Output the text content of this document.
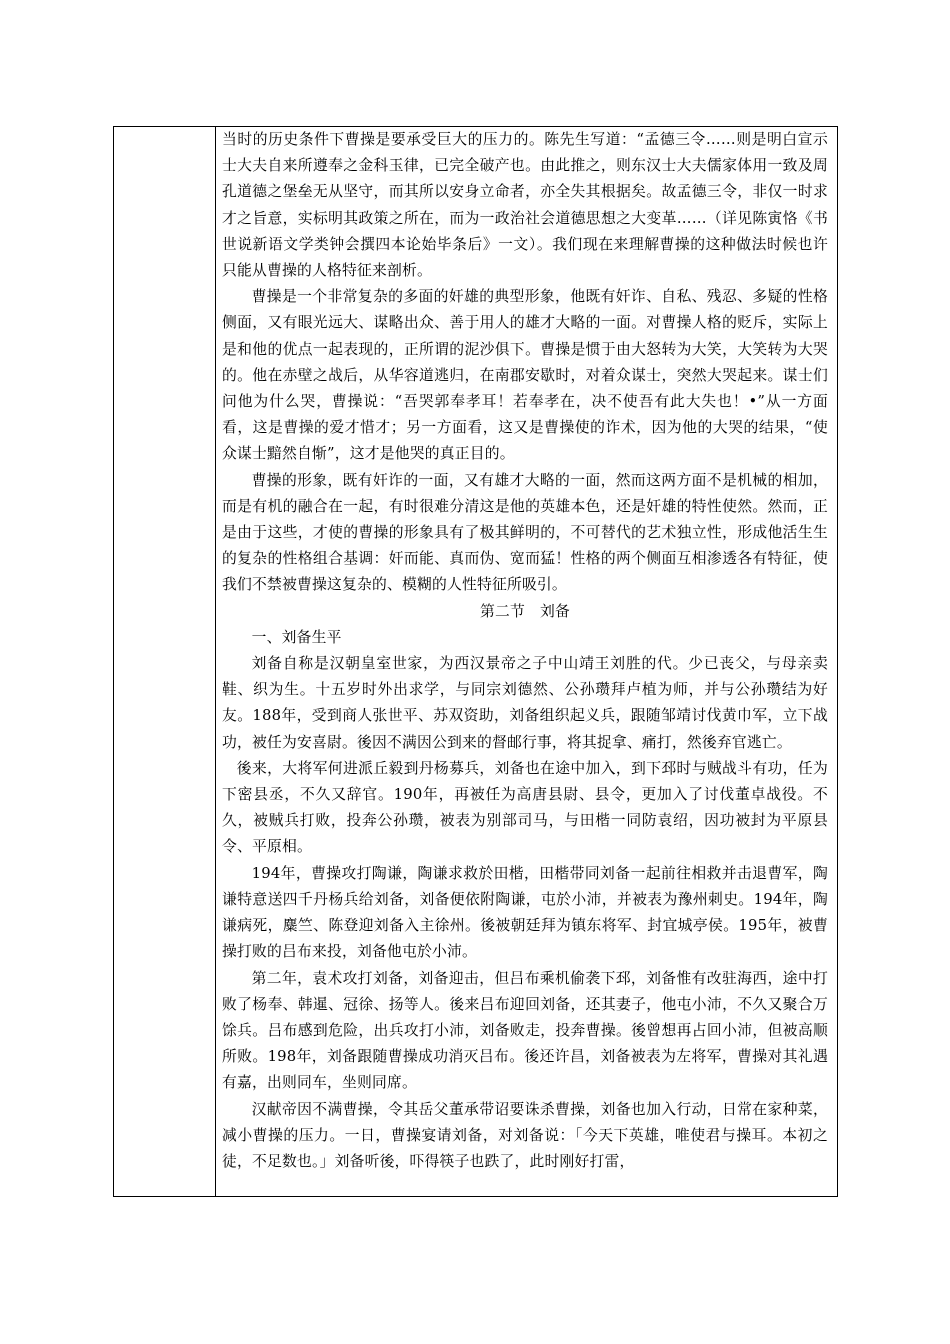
当时的历史条件下曹操是要承受巨大的压力的。陈先生写道：“孟德三令……则是明白宣示士大夫自来所遵奉之金科玉律，已完全破产也。由此推之，则东汉士大夫儒家体用一致及周孔道德之堡垒无从坚守，而其所以安身立命者，亦全失其根据矣。故孟德三令，非仅一时求才之旨意，实标明其政策之所在，而为一政治社会道德思想之大变革……（详见陈寅恪《书世说新语文学类钟会撰四本论始毕条后》一文）。我们现在来理解曹操的这种做法时候也许只能从曹操的人格特征来剖析。

曹操是一个非常复杂的多面的奸雄的典型形象，他既有奸诈、自私、残忍、多疑的性格侧面，又有眼光远大、谋略出众、善于用人的雄才大略的一面。对曹操人格的贬斥，实际上是和他的优点一起表现的，正所谓的泥沙俱下。曹操是惯于由大怒转为大笑，大笑转为大哭的。他在赤壁之战后，从华容道逃归，在南郡安歇时，对着众谋士，突然大哭起来。谋士们问他为什么哭，曹操说：“吾哭郭奉孝耳！若奉孝在，决不使吾有此大失也！•”从一方面看，这是曹操的爱才惜才；另一方面看，这又是曹操使的诈术，因为他的大哭的结果，“使众谋士黯然自惭”，这才是他哭的真正目的。

曹操的形象，既有奸诈的一面，又有雄才大略的一面，然而这两方面不是机械的相加，而是有机的融合在一起，有时很难分清这是他的英雄本色，还是奸雄的特性使然。然而，正是由于这些，才使的曹操的形象具有了极其鲜明的，不可替代的艺术独立性，形成他活生生的复杂的性格组合基调：奸而能、真而伪、宽而猛！性格的两个侧面互相渗透各有特征，使我们不禁被曹操这复杂的、模糊的人性特征所吸引。

第二节　刘备

一、刘备生平

刘备自称是汉朝皇室世家，为西汉景帝之子中山靖王刘胜的代。少已丧父，与母亲卖鞋、织为生。十五岁时外出求学，与同宗刘德然、公孙瓒拜卢植为师，并与公孙瓒结为好友。188年，受到商人张世平、苏双资助，刘备组织起义兵，跟随邹靖讨伐黄巾军，立下战功，被任为安喜尉。後因不满因公到来的督邮行事，将其捉拿、痛打，然後弃官逃亡。

後来，大将军何进派丘毅到丹杨募兵，刘备也在途中加入，到下邳时与贼战斗有功，任为下密县丞，不久又辞官。190年，再被任为高唐县尉、县令，更加入了讨伐董卓战役。不久，被贼兵打败，投奔公孙瓒，被表为别部司马，与田楷一同防袁绍，因功被封为平原县令、平原相。

194年，曹操攻打陶谦，陶谦求救於田楷，田楷带同刘备一起前往相救并击退曹军，陶谦特意送四千丹杨兵给刘备，刘备便依附陶谦，屯於小沛，并被表为豫州刺史。194年，陶谦病死，麋竺、陈登迎刘备入主徐州。後被朝廷拜为镇东将军、封宜城亭侯。195年，被曹操打败的吕布来投，刘备他屯於小沛。

第二年，袁术攻打刘备，刘备迎击，但吕布乘机偷袭下邳，刘备惟有改驻海西，途中打败了杨奉、韩暹、冠徐、扬等人。後来吕布迎回刘备，还其妻子，他屯小沛，不久又聚合万馀兵。吕布感到危险，出兵攻打小沛，刘备败走，投奔曹操。後曾想再占回小沛，但被高顺所败。198年，刘备跟随曹操成功消灭吕布。後还许昌，刘备被表为左将军，曹操对其礼遇有嘉，出则同车，坐则同席。

汉献帝因不满曹操，令其岳父董承带诏要诛杀曹操，刘备也加入行动，日常在家种菜，减小曹操的压力。一日，曹操宴请刘备，对刘备说：「今天下英雄，唯使君与操耳。本初之徒，不足数也。」刘备听後，吓得筷子也跌了，此时刚好打雷，
